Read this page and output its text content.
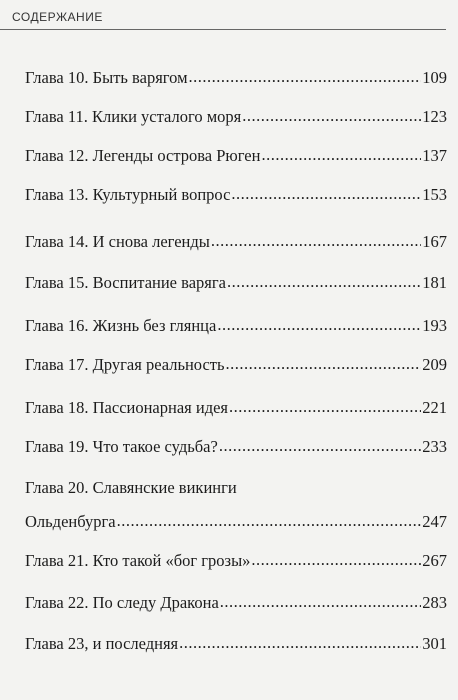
СОДЕРЖАНИЕ
Глава 10. Быть варягом .....	109
Глава 11. Клики усталого моря .....	123
Глава 12. Легенды острова Рюген .....	137
Глава 13. Культурный вопрос .....	153
Глава 14. И снова легенды .....	167
Глава 15. Воспитание варяга .....	181
Глава 16. Жизнь без глянца .....	193
Глава 17. Другая реальность .....	209
Глава 18. Пассионарная идея .....	221
Глава 19. Что такое судьба? .....	233
Глава 20. Славянские викинги
Ольденбурга .....	247
Глава 21. Кто такой «бог грозы» .....	267
Глава 22. По следу Дракона .....	283
Глава 23, и последняя .....	301
